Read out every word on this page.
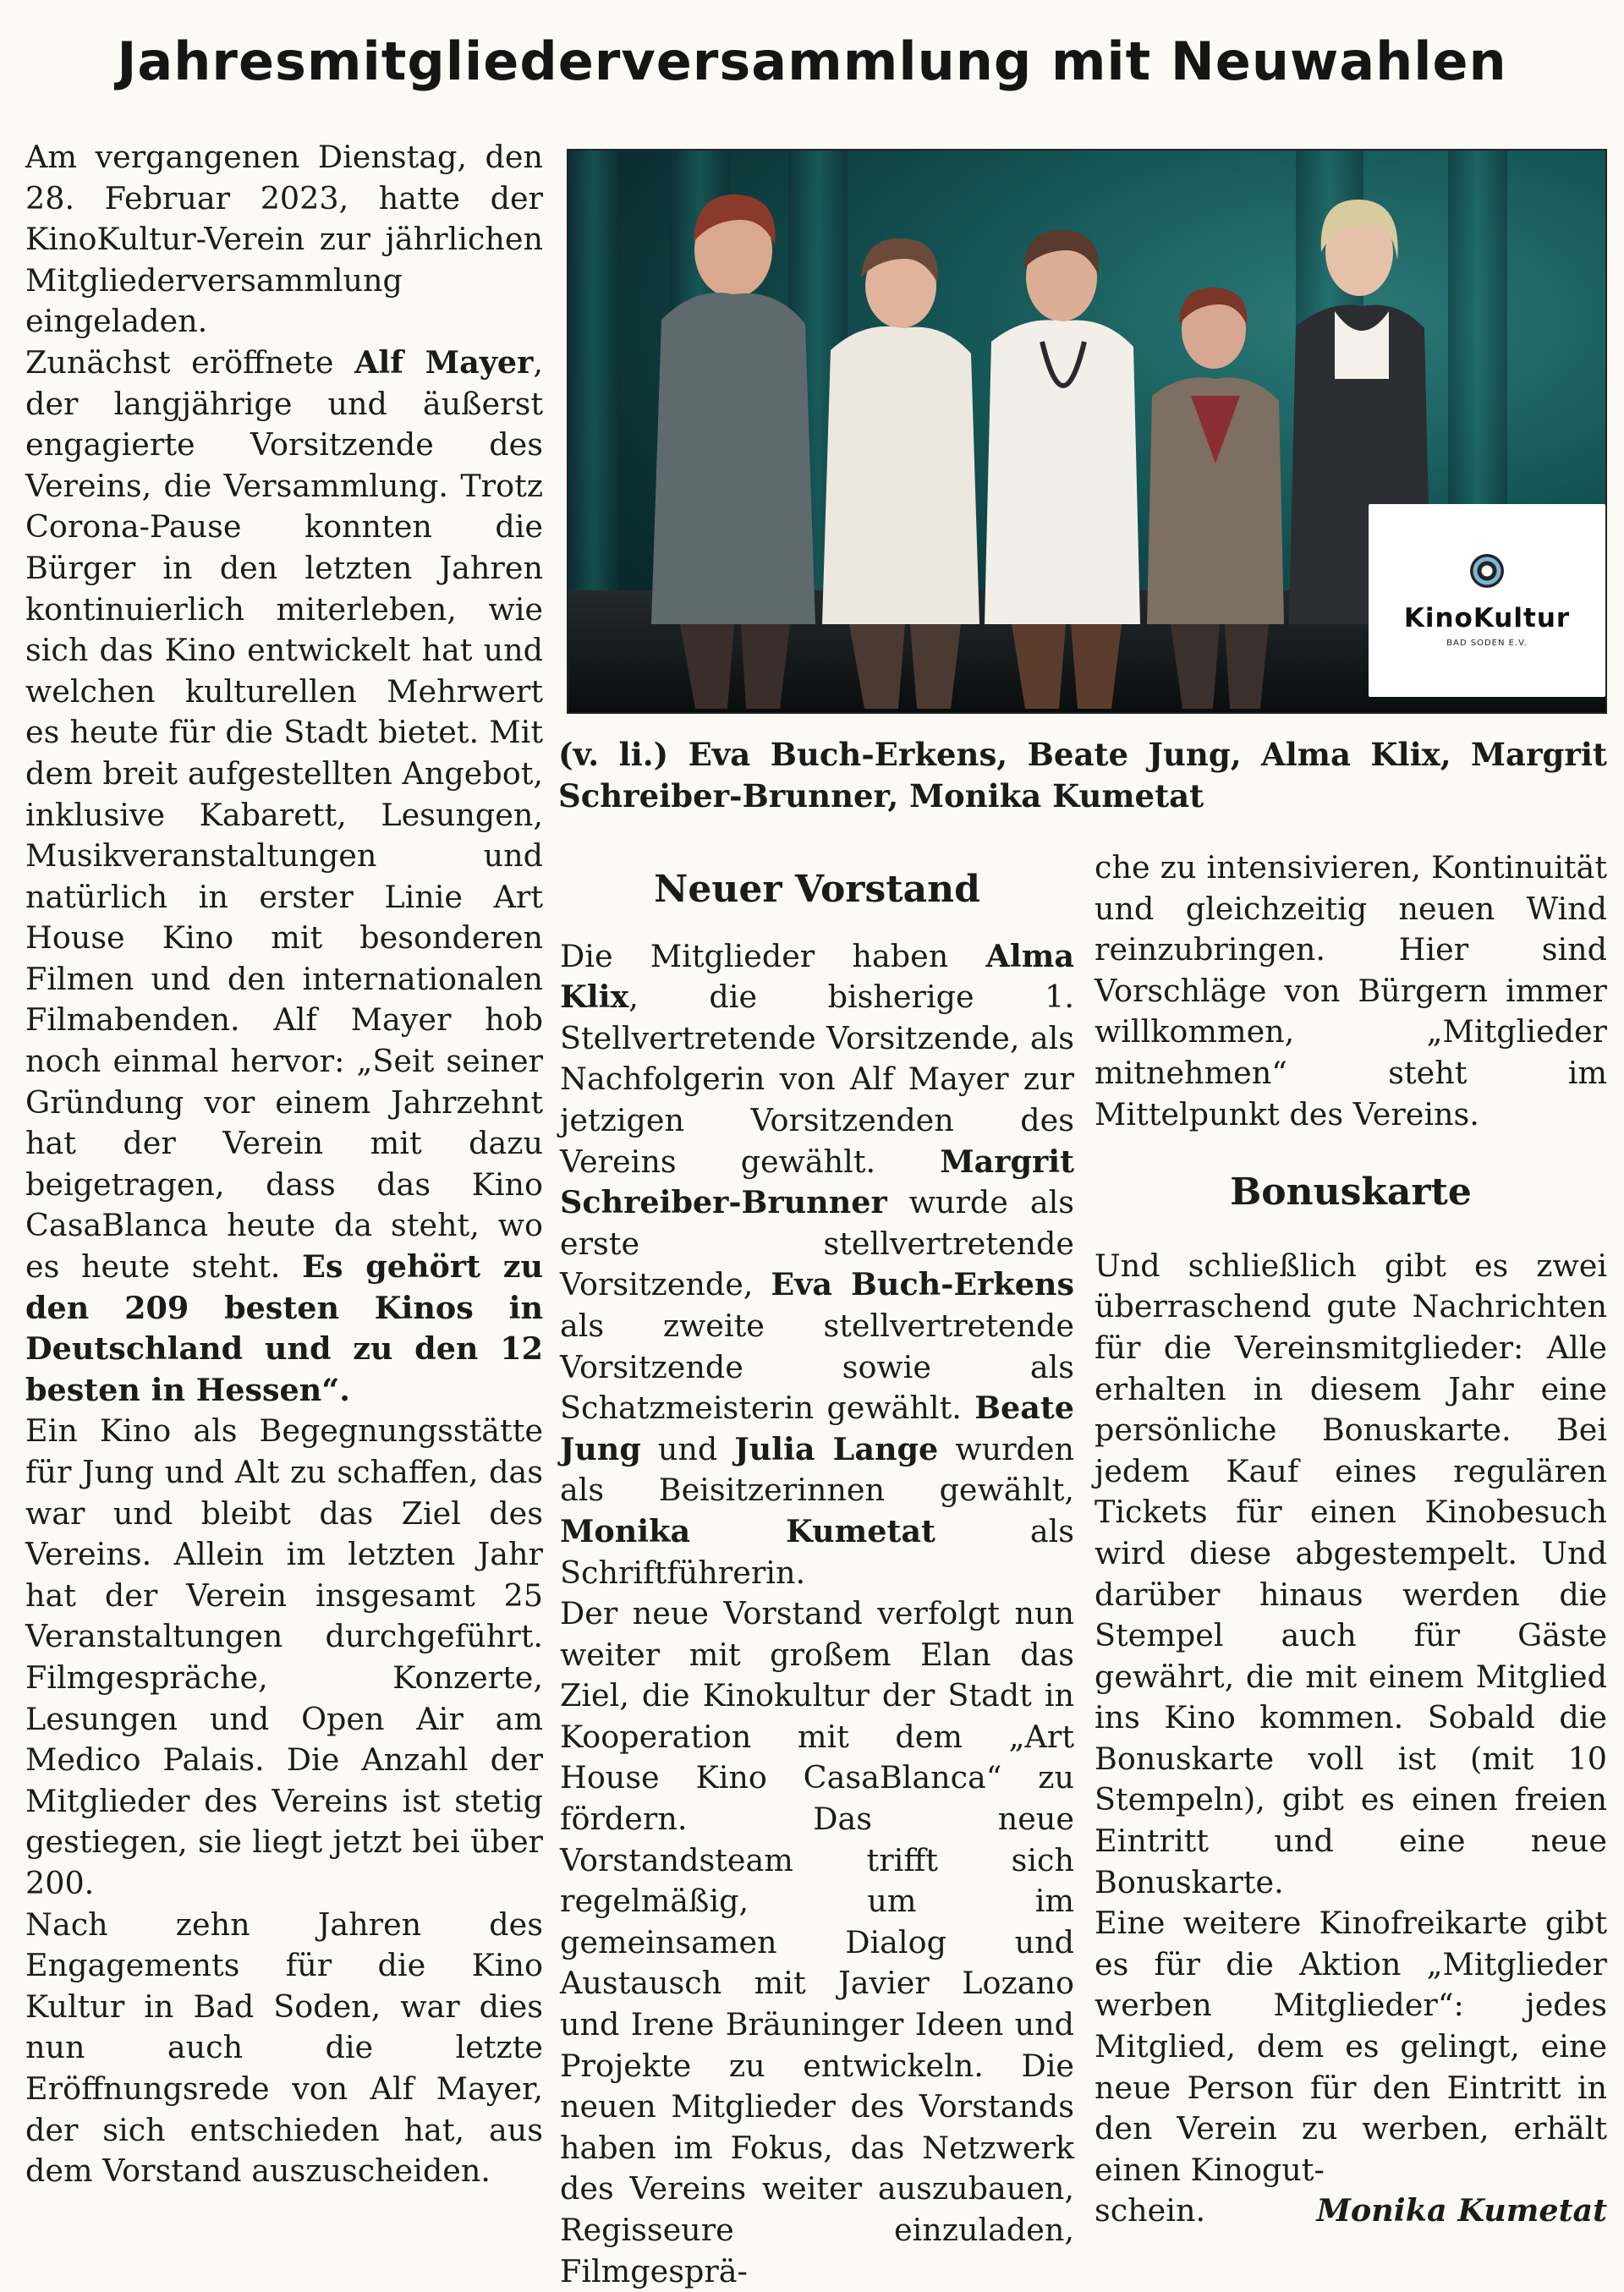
Jahresmitgliederversammlung mit Neuwahlen

Am vergangenen Dienstag, den 28. Februar 2023, hatte der KinoKultur-Verein zur jährlichen Mitgliederversammlung eingeladen.

Zunächst eröffnete Alf Mayer, der langjährige und äußerst engagierte Vorsitzende des Vereins, die Versammlung. Trotz Corona-Pause konnten die Bürger in den letzten Jahren kontinuierlich miterleben, wie sich das Kino entwickelt hat und welchen kulturellen Mehrwert es heute für die Stadt bietet. Mit dem breit aufgestellten Angebot, inklusive Kabarett, Lesungen, Musikveranstaltungen und natürlich in erster Linie Art House Kino mit besonderen Filmen und den internationalen Filmabenden. Alf Mayer hob noch einmal hervor: „Seit seiner Gründung vor einem Jahrzehnt hat der Verein mit dazu beigetragen, dass das Kino CasaBlanca heute da steht, wo es heute steht. Es gehört zu den 209 besten Kinos in Deutschland und zu den 12 besten in Hessen“.

Ein Kino als Begegnungsstätte für Jung und Alt zu schaffen, das war und bleibt das Ziel des Vereins. Allein im letzten Jahr hat der Verein insgesamt 25 Veranstaltungen durchgeführt. Filmgespräche, Konzerte, Lesungen und Open Air am Medico Palais. Die Anzahl der Mitglieder des Vereins ist stetig gestiegen, sie liegt jetzt bei über 200.

Nach zehn Jahren des Engagements für die Kino Kultur in Bad Soden, war dies nun auch die letzte Eröffnungsrede von Alf Mayer, der sich entschieden hat, aus dem Vorstand auszuscheiden.

KinoKultur
BAD SODEN E.V.
(v. li.) Eva Buch-Erkens, Beate Jung, Alma Klix, Margrit Schreiber-Brunner, Monika Kumetat
Neuer Vorstand

Die Mitglieder haben Alma Klix, die bisherige 1. Stellvertretende Vorsitzende, als Nachfolgerin von Alf Mayer zur jetzigen Vorsitzenden des Vereins gewählt. Margrit Schreiber-Brunner wurde als erste stellvertretende Vorsitzende, Eva Buch-Erkens als zweite stellvertretende Vorsitzende sowie als Schatzmeisterin gewählt. Beate Jung und Julia Lange wurden als Beisitzerinnen gewählt, Monika Kumetat als Schriftführerin.

Der neue Vorstand verfolgt nun weiter mit großem Elan das Ziel, die Kinokultur der Stadt in Kooperation mit dem „Art House Kino CasaBlanca“ zu fördern. Das neue Vorstandsteam trifft sich regelmäßig, um im gemeinsamen Dialog und Austausch mit Javier Lozano und Irene Bräuninger Ideen und Projekte zu entwickeln. Die neuen Mitglieder des Vorstands haben im Fokus, das Netzwerk des Vereins weiter auszubauen, Regisseure einzuladen, Filmgesprä-

che zu intensivieren, Kontinuität und gleichzeitig neuen Wind reinzubringen. Hier sind Vorschläge von Bürgern immer willkommen, „Mitglieder mitnehmen“ steht im Mittelpunkt des Vereins.

Bonuskarte

Und schließlich gibt es zwei überraschend gute Nachrichten für die Vereinsmitglieder: Alle erhalten in diesem Jahr eine persönliche Bonuskarte. Bei jedem Kauf eines regulären Tickets für einen Kinobesuch wird diese abgestempelt. Und darüber hinaus werden die Stempel auch für Gäste gewährt, die mit einem Mitglied ins Kino kommen. Sobald die Bonuskarte voll ist (mit 10 Stempeln), gibt es einen freien Eintritt und eine neue Bonuskarte.

Eine weitere Kinofreikarte gibt es für die Aktion „Mitglieder werben Mitglieder“: jedes Mitglied, dem es gelingt, eine neue Person für den Eintritt in den Verein zu werben, erhält einen Kinogut-

schein.	Monika Kumetat
